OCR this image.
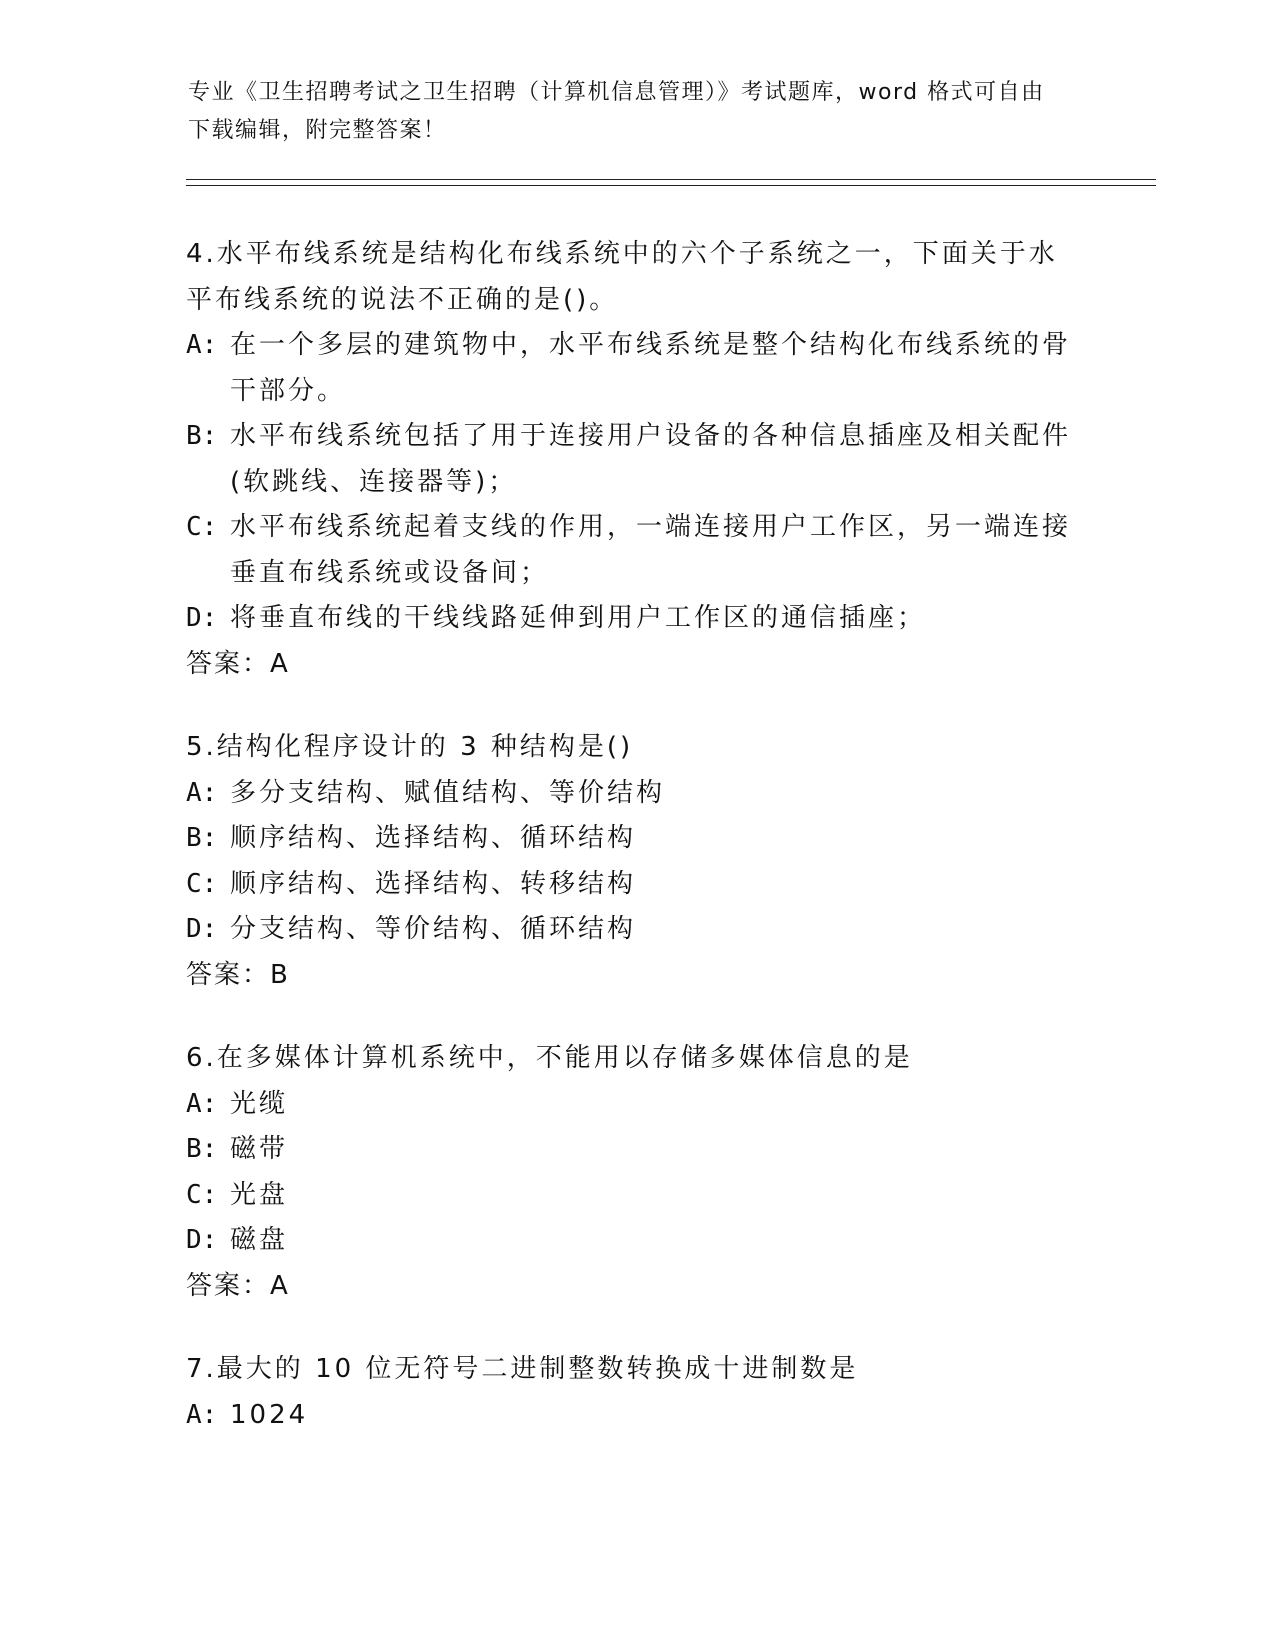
专业《卫生招聘考试之卫生招聘（计算机信息管理）》考试题库，word 格式可自由下载编辑，附完整答案！
4.水平布线系统是结构化布线系统中的六个子系统之一，下面关于水平布线系统的说法不正确的是()。
A: 在一个多层的建筑物中，水平布线系统是整个结构化布线系统的骨干部分。
B: 水平布线系统包括了用于连接用户设备的各种信息插座及相关配件(软跳线、连接器等)；
C: 水平布线系统起着支线的作用，一端连接用户工作区，另一端连接垂直布线系统或设备间；
D: 将垂直布线的干线线路延伸到用户工作区的通信插座；
答案：A
5.结构化程序设计的 3 种结构是()
A: 多分支结构、赋值结构、等价结构
B: 顺序结构、选择结构、循环结构
C: 顺序结构、选择结构、转移结构
D: 分支结构、等价结构、循环结构
答案：B
6.在多媒体计算机系统中，不能用以存储多媒体信息的是
A: 光缆
B: 磁带
C: 光盘
D: 磁盘
答案：A
7.最大的 10 位无符号二进制整数转换成十进制数是
A: 1024
